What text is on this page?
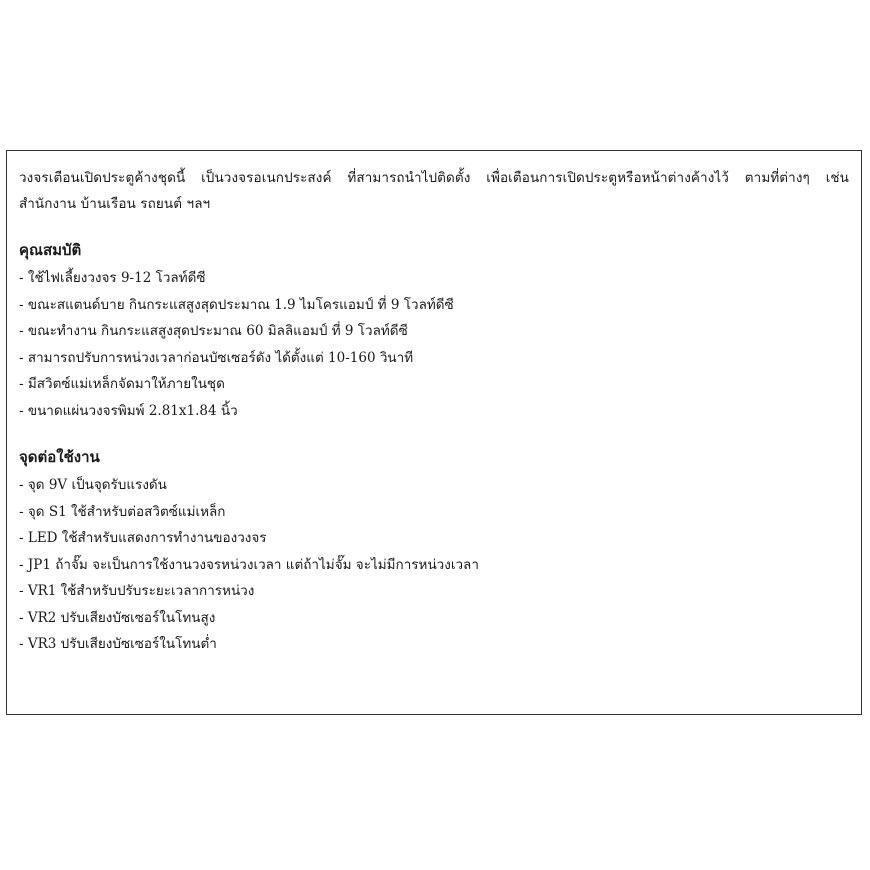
วงจรเตือนเปิดประตูค้างชุดนี้ เป็นวงจรอเนกประสงค์ ที่สามารถนำไปติดตั้ง เพื่อเตือนการเปิดประตูหรือหน้าต่างค้างไว้ ตามที่ต่างๆ เช่น สำนักงาน บ้านเรือน รถยนต์ ฯลฯ

คุณสมบัติ
- ใช้ไฟเลี้ยงวงจร 9-12 โวลท์ดีซี
- ขณะสแตนด์บาย กินกระแสสูงสุดประมาณ 1.9 ไมโครแอมป์ ที่ 9 โวลท์ดีซี
- ขณะทำงาน กินกระแสสูงสุดประมาณ 60 มิลลิแอมป์ ที่ 9 โวลท์ดีซี
- สามารถปรับการหน่วงเวลาก่อนบัซเซอร์ดัง ได้ตั้งแต่ 10-160 วินาที
- มีสวิตซ์แม่เหล็กจัดมาให้ภายในชุด
- ขนาดแผ่นวงจรพิมพ์ 2.81x1.84 นิ้ว
จุดต่อใช้งาน
- จุด 9V เป็นจุดรับแรงดัน
- จุด S1 ใช้สำหรับต่อสวิตซ์แม่เหล็ก
- LED ใช้สำหรับแสดงการทำงานของวงจร
- JP1 ถ้าจั๊ม จะเป็นการใช้งานวงจรหน่วงเวลา แต่ถ้าไม่จั๊ม จะไม่มีการหน่วงเวลา
- VR1 ใช้สำหรับปรับระยะเวลาการหน่วง
- VR2 ปรับเสียงบัซเซอร์ในโทนสูง
- VR3 ปรับเสียงบัซเซอร์ในโทนต่ำ
